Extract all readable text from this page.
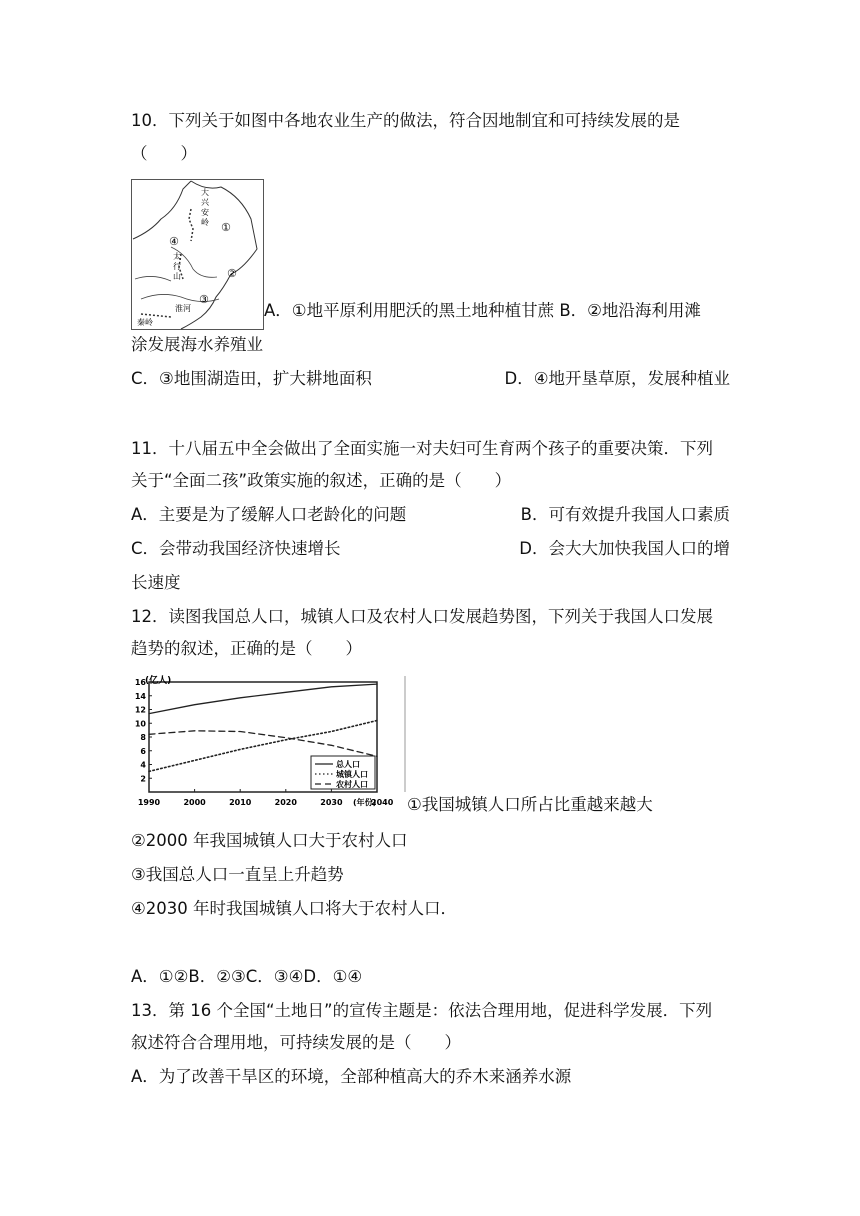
10．下列关于如图中各地农业生产的做法，符合因地制宜和可持续发展的是
（　　）
大
兴
安
岭
太
行
山
秦岭
淮河
①
②
③
④
A．①地平原利用肥沃的黑土地种植甘蔗 B．②地沿海利用滩
涂发展海水养殖业
C．③地围湖造田，扩大耕地面积	D．④地开垦草原，发展种植业
11．十八届五中全会做出了全面实施一对夫妇可生育两个孩子的重要决策．下列
关于“全面二孩”政策实施的叙述，正确的是（　　）
A．主要是为了缓解人口老龄化的问题	B．可有效提升我国人口素质
C．会带动我国经济快速增长	D．会大大加快我国人口的增
长速度
12．读图我国总人口，城镇人口及农村人口发展趋势图，下列关于我国人口发展
趋势的叙述，正确的是（　　）
(亿人)
(年份)
2
4
6
8
10
12
14
16
1990	2000	2010	2020	2030	2040
总人口
城镇人口
农村人口
①我国城镇人口所占比重越来越大
②2000 年我国城镇人口大于农村人口
③我国总人口一直呈上升趋势
④2030 年时我国城镇人口将大于农村人口．
A．①②B．②③C．③④D．①④
13．第 16 个全国“土地日”的宣传主题是：依法合理用地，促进科学发展．下列
叙述符合合理用地，可持续发展的是（　　）
A．为了改善干旱区的环境，全部种植高大的乔木来涵养水源
